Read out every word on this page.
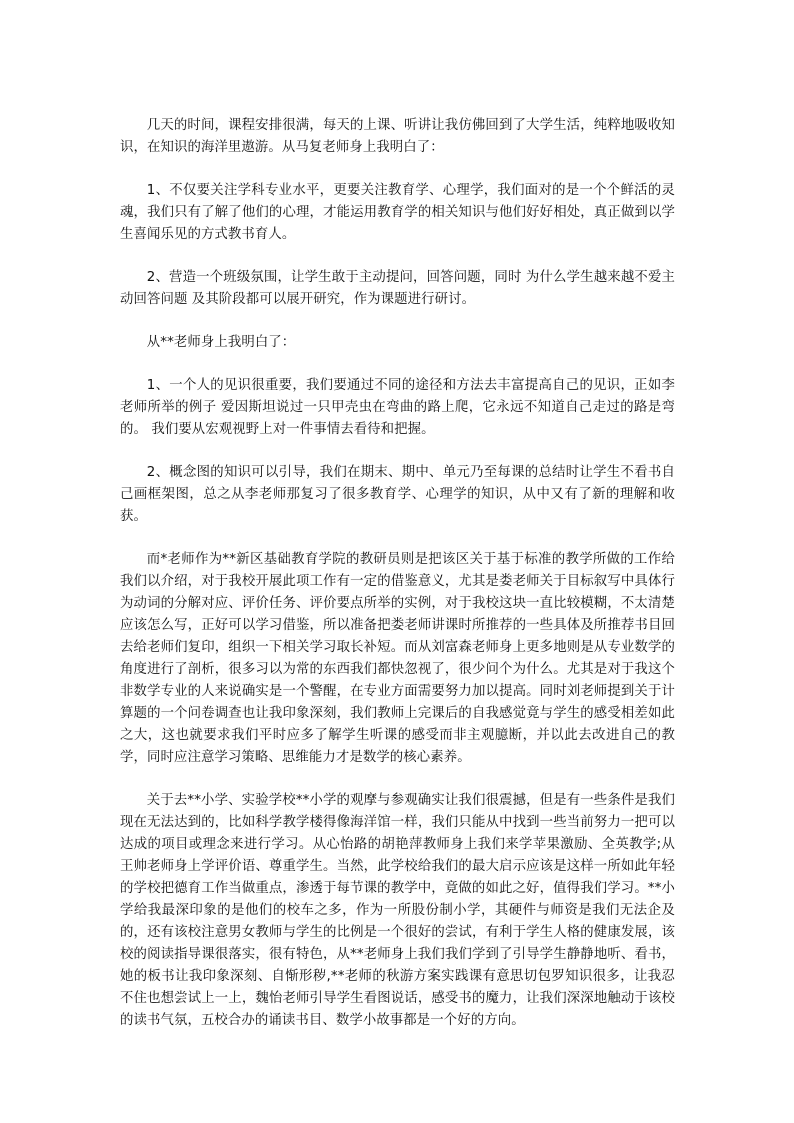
几天的时间，课程安排很满，每天的上课、听讲让我仿佛回到了大学生活，纯粹地吸收知识，在知识的海洋里遨游。从马复老师身上我明白了：

1、不仅要关注学科专业水平，更要关注教育学、心理学，我们面对的是一个个鲜活的灵魂，我们只有了解了他们的心理，才能运用教育学的相关知识与他们好好相处，真正做到以学生喜闻乐见的方式教书育人。

2、营造一个班级氛围，让学生敢于主动提问，回答问题，同时 为什么学生越来越不爱主动回答问题 及其阶段都可以展开研究，作为课题进行研讨。

从**老师身上我明白了：

1、一个人的见识很重要，我们要通过不同的途径和方法去丰富提高自己的见识，正如李老师所举的例子 爱因斯坦说过一只甲壳虫在弯曲的路上爬，它永远不知道自己走过的路是弯的。 我们要从宏观视野上对一件事情去看待和把握。

2、概念图的知识可以引导，我们在期末、期中、单元乃至每课的总结时让学生不看书自己画框架图，总之从李老师那复习了很多教育学、心理学的知识，从中又有了新的理解和收获。

而*老师作为**新区基础教育学院的教研员则是把该区关于基于标准的教学所做的工作给我们以介绍，对于我校开展此项工作有一定的借鉴意义，尤其是娄老师关于目标叙写中具体行为动词的分解对应、评价任务、评价要点所举的实例，对于我校这块一直比较模糊，不太清楚应该怎么写，正好可以学习借鉴，所以准备把娄老师讲课时所推荐的一些具体及所推荐书目回去给老师们复印，组织一下相关学习取长补短。而从刘富森老师身上更多地则是从专业数学的角度进行了剖析，很多习以为常的东西我们都快忽视了，很少问个为什么。尤其是对于我这个非数学专业的人来说确实是一个警醒，在专业方面需要努力加以提高。同时刘老师提到关于计算题的一个问卷调查也让我印象深刻，我们教师上完课后的自我感觉竟与学生的感受相差如此之大，这也就要求我们平时应多了解学生听课的感受而非主观臆断，并以此去改进自己的教学，同时应注意学习策略、思维能力才是数学的核心素养。

关于去**小学、实验学校**小学的观摩与参观确实让我们很震撼，但是有一些条件是我们现在无法达到的，比如科学教学楼得像海洋馆一样，我们只能从中找到一些当前努力一把可以达成的项目或理念来进行学习。从心怡路的胡艳萍教师身上我们来学苹果激励、全英教学;从王帅老师身上学评价语、尊重学生。当然，此学校给我们的最大启示应该是这样一所如此年轻的学校把德育工作当做重点，渗透于每节课的教学中，竟做的如此之好，值得我们学习。**小学给我最深印象的是他们的校车之多，作为一所股份制小学，其硬件与师资是我们无法企及的，还有该校注意男女教师与学生的比例是一个很好的尝试，有利于学生人格的健康发展，该校的阅读指导课很落实，很有特色，从**老师身上我们我们学到了引导学生静静地听、看书，她的板书让我印象深刻、自惭形秽,**老师的秋游方案实践课有意思切包罗知识很多，让我忍不住也想尝试上一上，魏怡老师引导学生看图说话，感受书的魔力，让我们深深地触动于该校的读书气氛，五校合办的诵读书目、数学小故事都是一个好的方向。
